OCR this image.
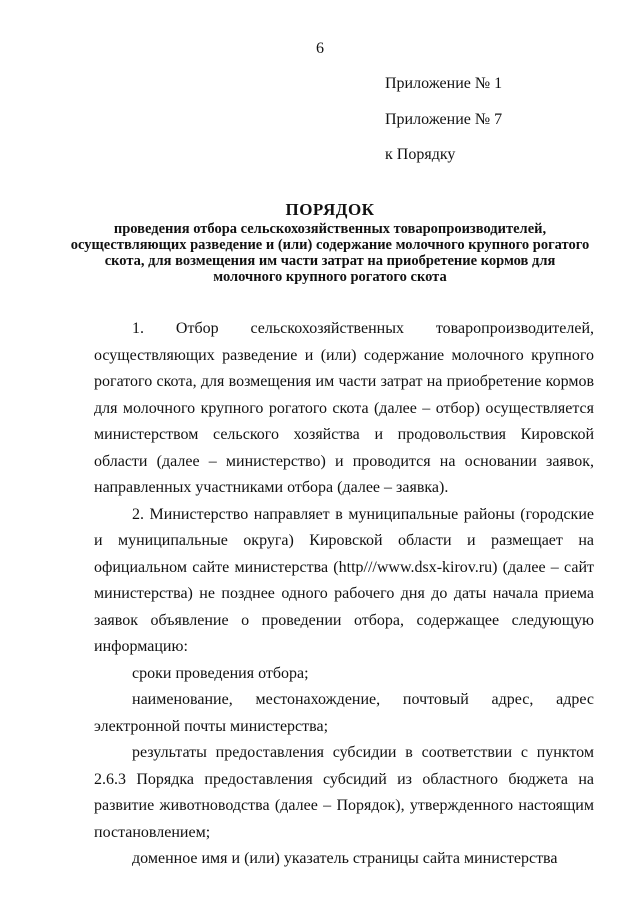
6
Приложение № 1
Приложение № 7
к Порядку
ПОРЯДОК
проведения отбора сельскохозяйственных товаропроизводителей, осуществляющих разведение и (или) содержание молочного крупного рогатого скота, для возмещения им части затрат на приобретение кормов для молочного крупного рогатого скота

1. Отбор сельскохозяйственных товаропроизводителей, осуществляющих разведение и (или) содержание молочного крупного рогатого скота, для возмещения им части затрат на приобретение кормов для молочного крупного рогатого скота (далее – отбор) осуществляется министерством сельского хозяйства и продовольствия Кировской области (далее – министерство) и проводится на основании заявок, направленных участниками отбора (далее – заявка).

2. Министерство направляет в муниципальные районы (городские и муниципальные округа) Кировской области и размещает на официальном сайте министерства (http///www.dsx-kirov.ru) (далее – сайт министерства) не позднее одного рабочего дня до даты начала приема заявок объявление о проведении отбора, содержащее следующую информацию:

сроки проведения отбора;

наименование, местонахождение, почтовый адрес, адрес электронной почты министерства;

результаты предоставления субсидии в соответствии с пунктом 2.6.3 Порядка предоставления субсидий из областного бюджета на развитие животноводства (далее – Порядок), утвержденного настоящим постановлением;

доменное имя и (или) указатель страницы сайта министерства
